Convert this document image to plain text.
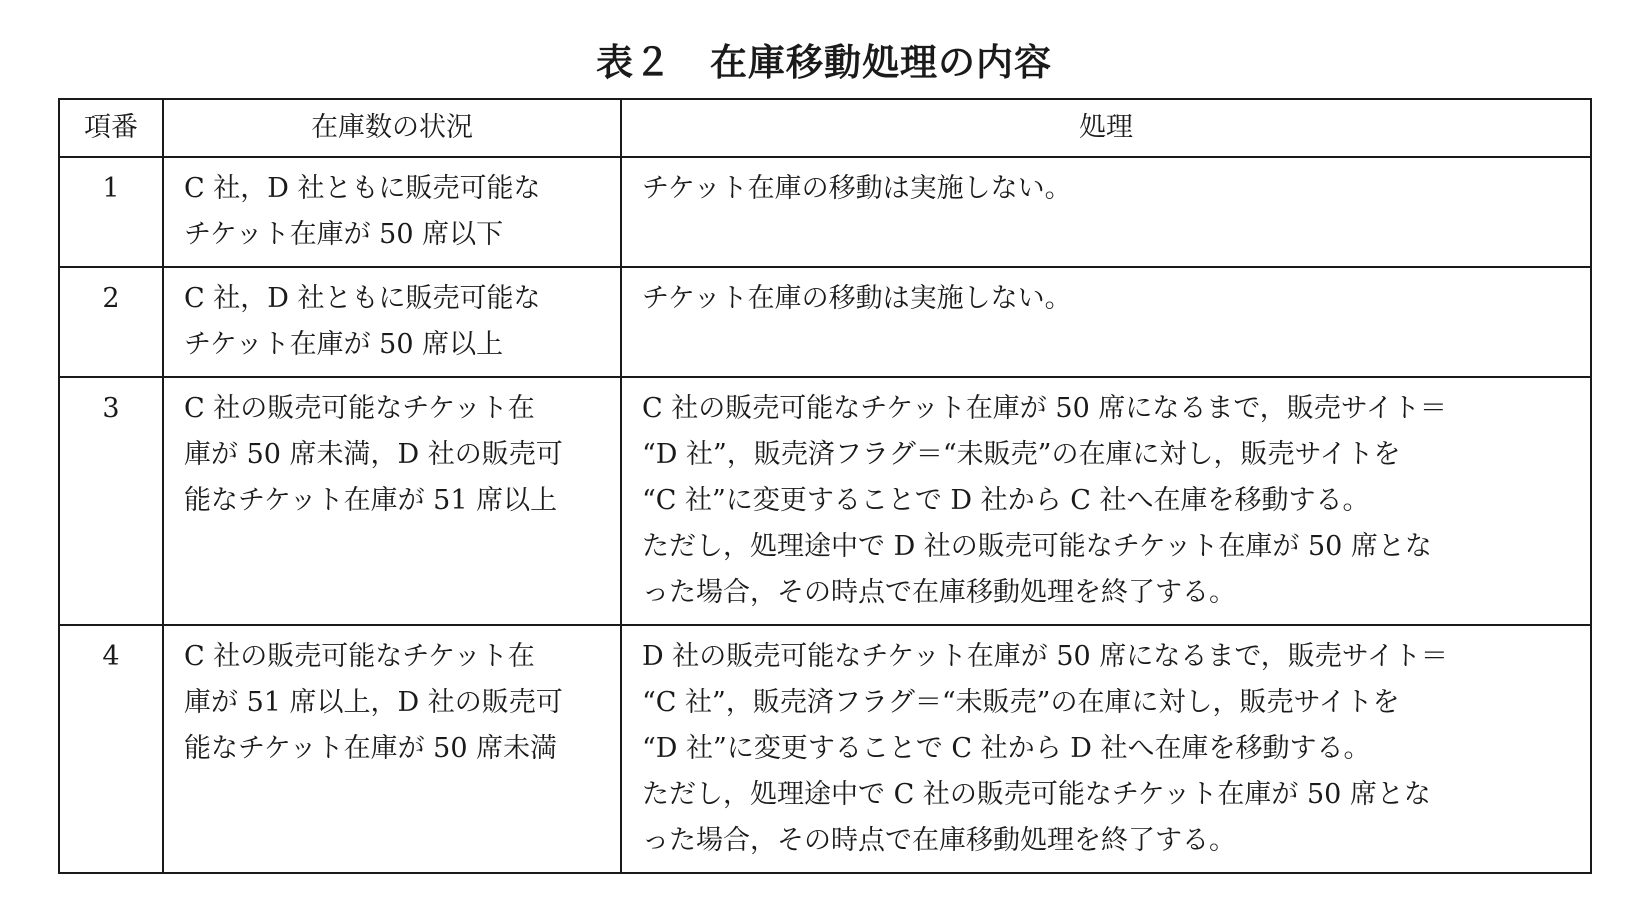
表２　在庫移動処理の内容
項番	在庫数の状況	処理
1	C 社，D 社ともに販売可能な
チケット在庫が 50 席以下	チケット在庫の移動は実施しない。

2	C 社，D 社ともに販売可能な
チケット在庫が 50 席以上	チケット在庫の移動は実施しない。

3	C 社の販売可能なチケット在
庫が 50 席未満，D 社の販売可
能なチケット在庫が 51 席以上	C 社の販売可能なチケット在庫が 50 席になるまで，販売サイト＝
“D 社”，販売済フラグ＝“未販売”の在庫に対し，販売サイトを
“C 社”に変更することで D 社から C 社へ在庫を移動する。
ただし，処理途中で D 社の販売可能なチケット在庫が 50 席とな
った場合，その時点で在庫移動処理を終了する。

4	C 社の販売可能なチケット在
庫が 51 席以上，D 社の販売可
能なチケット在庫が 50 席未満	D 社の販売可能なチケット在庫が 50 席になるまで，販売サイト＝
“C 社”，販売済フラグ＝“未販売”の在庫に対し，販売サイトを
“D 社”に変更することで C 社から D 社へ在庫を移動する。
ただし，処理途中で C 社の販売可能なチケット在庫が 50 席とな
った場合，その時点で在庫移動処理を終了する。
